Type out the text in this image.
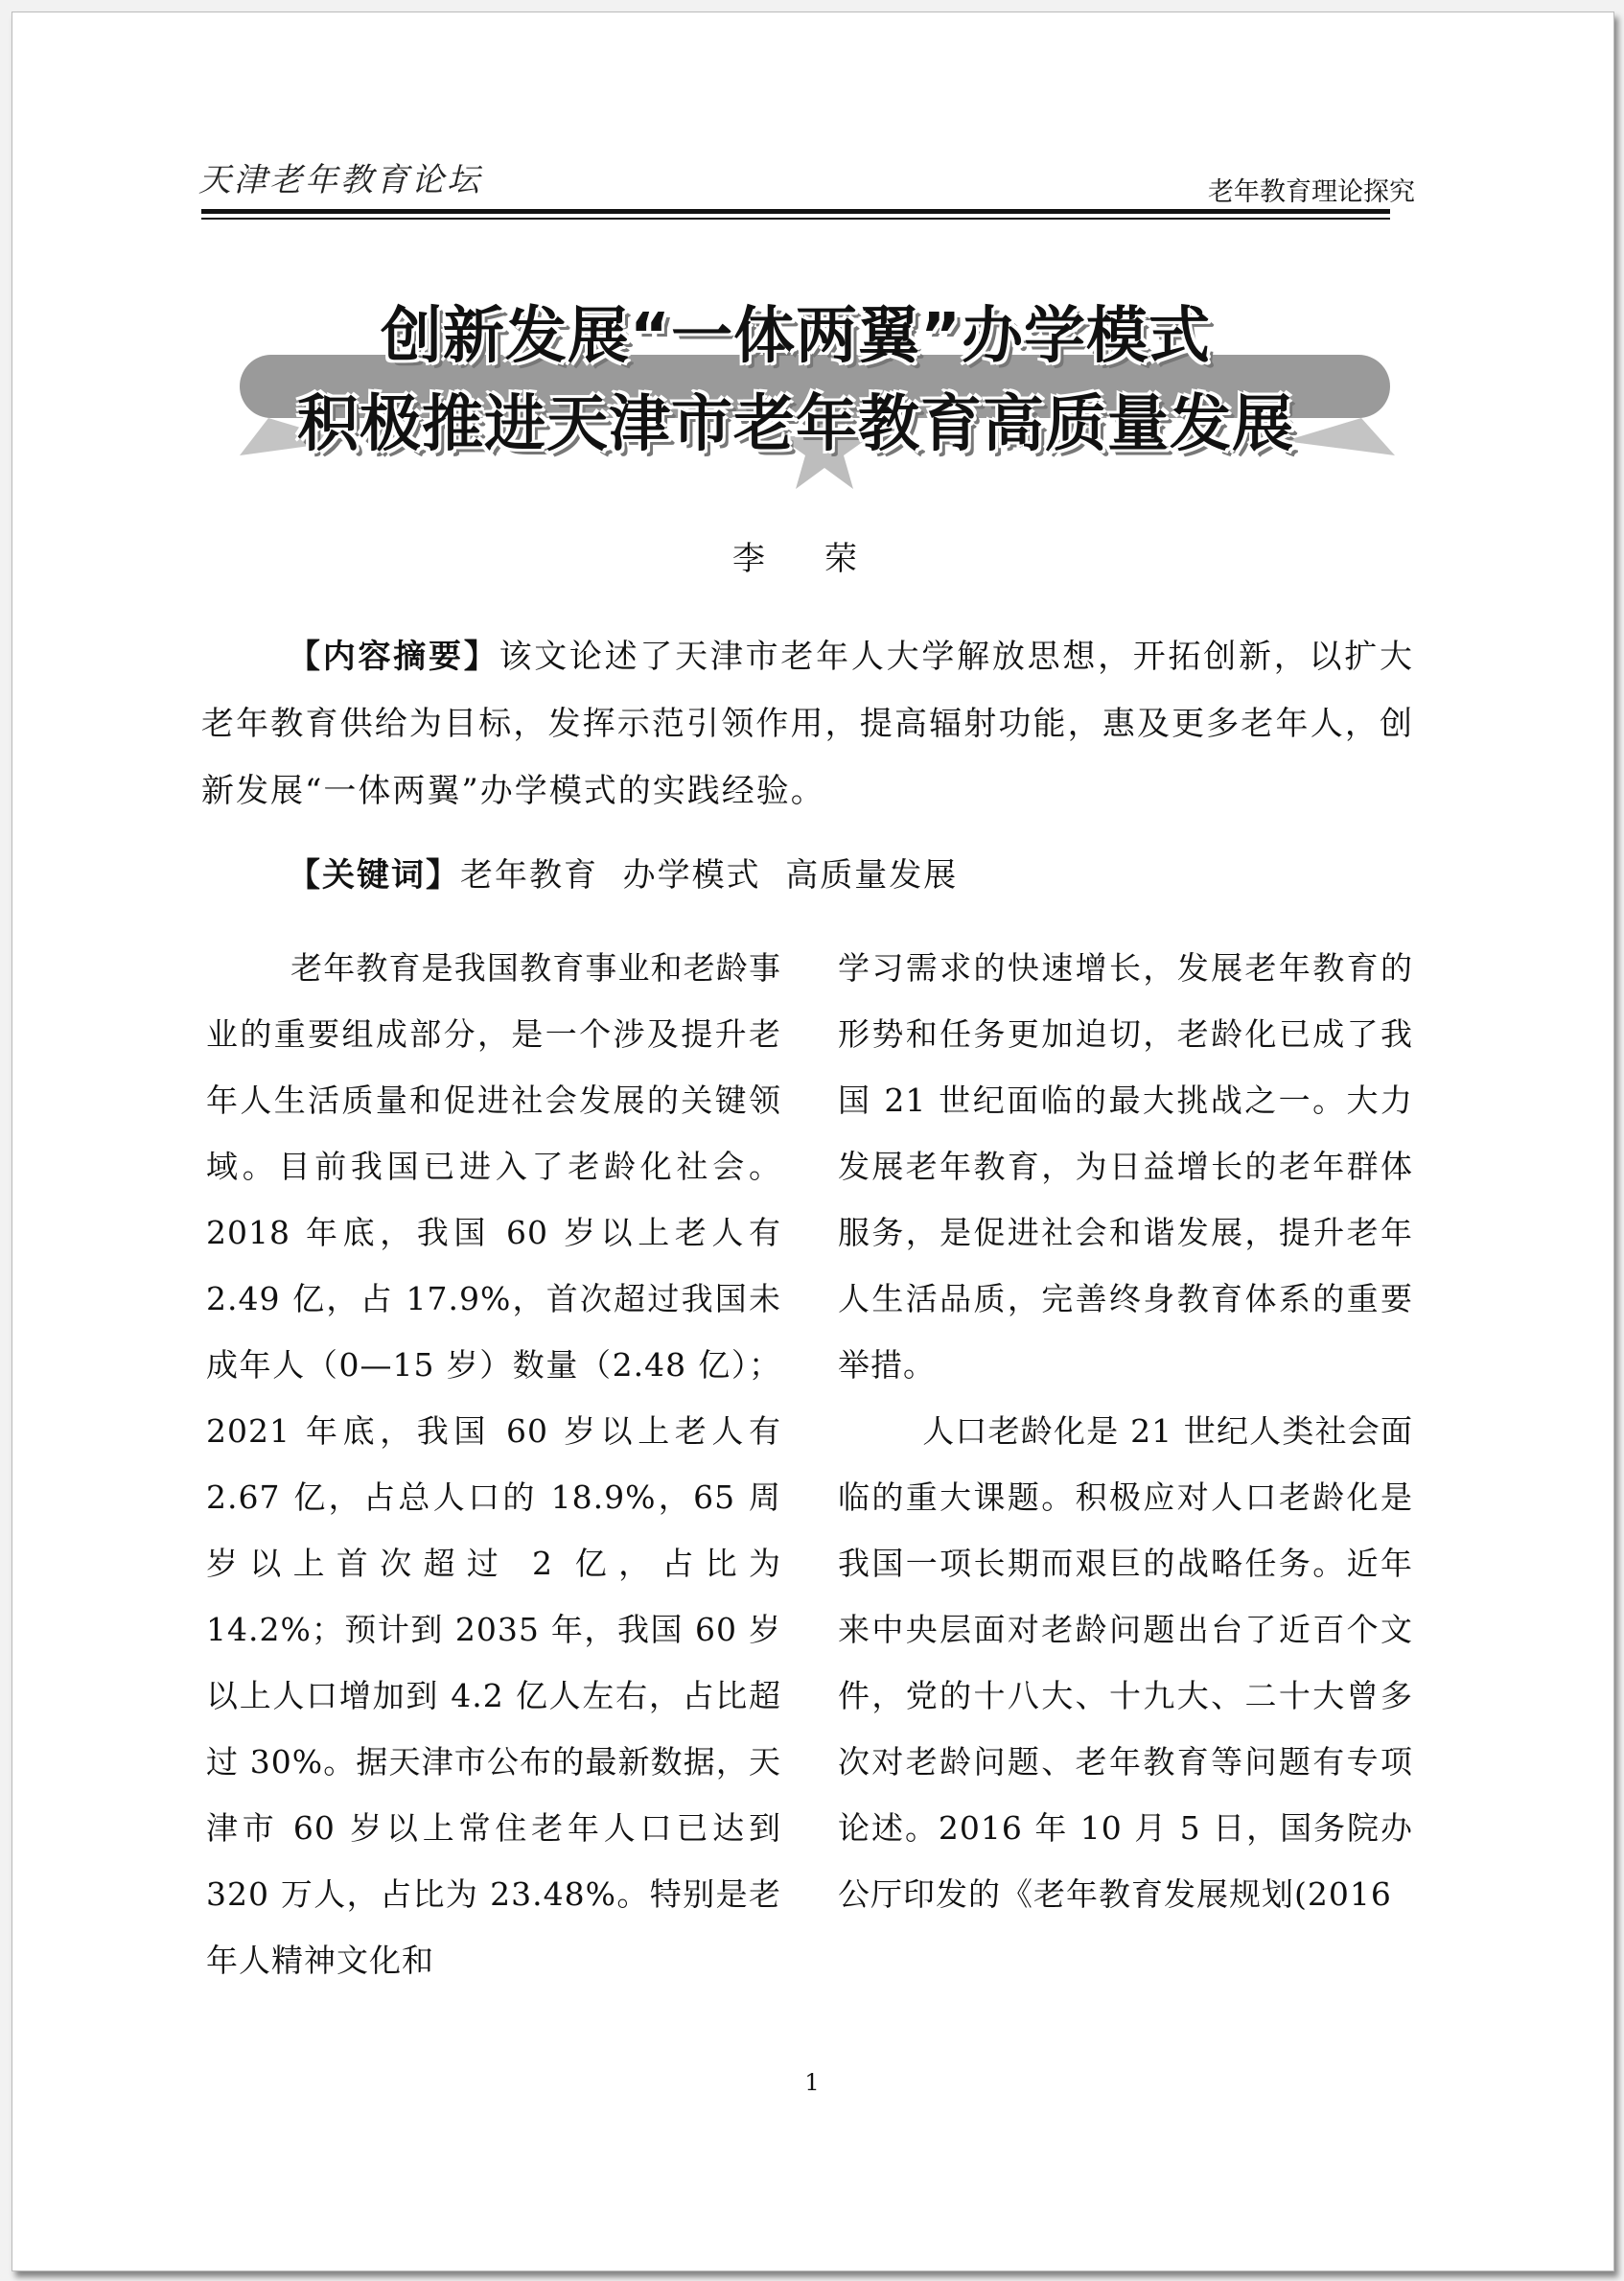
天津老年教育论坛	老年教育理论探究
创新发展“一体两翼”办学模式
积极推进天津市老年教育高质量发展
李 荣
【内容摘要】该文论述了天津市老年人大学解放思想，开拓创新，以扩大老年教育供给为目标，发挥示范引领作用，提高辐射功能，惠及更多老年人，创新发展“一体两翼”办学模式的实践经验。
【关键词】老年教育  办学模式  高质量发展
老年教育是我国教育事业和老龄事业的重要组成部分，是一个涉及提升老年人生活质量和促进社会发展的关键领域。目前我国已进入了老龄化社会。2018 年底，我国 60 岁以上老人有 2.49 亿，占 17.9%，首次超过我国未成年人（0—15 岁）数量（2.48 亿）；2021 年底，我国 60 岁以上老人有 2.67 亿，占总人口的 18.9%，65 周岁以上首次超过 2 亿，占比为 14.2%；预计到 2035 年，我国 60 岁以上人口增加到 4.2 亿人左右，占比超过 30%。据天津市公布的最新数据，天津市 60 岁以上常住老年人口已达到 320 万人，占比为 23.48%。特别是老年人精神文化和
学习需求的快速增长，发展老年教育的形势和任务更加迫切，老龄化已成了我国 21 世纪面临的最大挑战之一。大力发展老年教育，为日益增长的老年群体服务，是促进社会和谐发展，提升老年人生活品质，完善终身教育体系的重要举措。
人口老龄化是 21 世纪人类社会面临的重大课题。积极应对人口老龄化是我国一项长期而艰巨的战略任务。近年来中央层面对老龄问题出台了近百个文件，党的十八大、十九大、二十大曾多次对老龄问题、老年教育等问题有专项论述。2016 年 10 月 5 日，国务院办公厅印发的《老年教育发展规划(2016
1
